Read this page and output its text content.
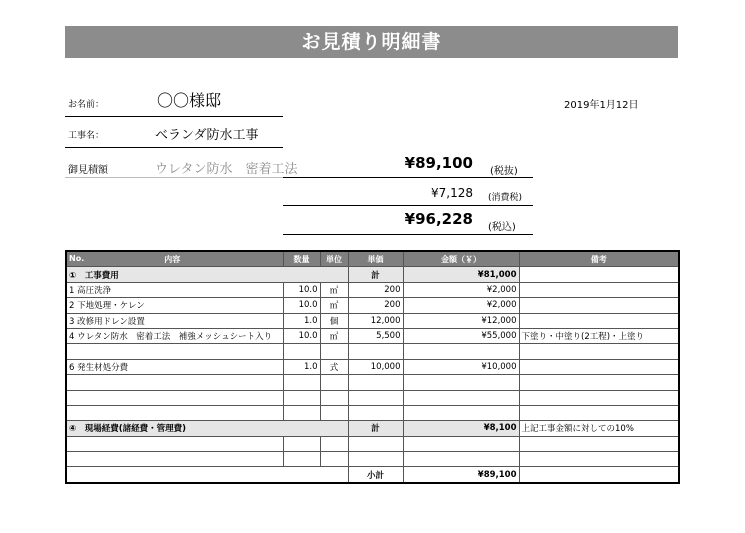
お見積り明細書
お名前：	〇〇様邸	2019年1月12日
工事名：	ベランダ防水工事
御見積額	ウレタン防水　密着工法	¥89,100 (税抜)
¥7,128 (消費税)
¥96,228 (税込)
No. 内容	数量	単位	単価	金額（￥）	備考
①　工事費用			計	¥81,000	
1 高圧洗浄	10.0	㎡	200	¥2,000	
2 下地処理・ケレン	10.0	㎡	200	¥2,000	
3 改修用ドレン設置	1.0	個	12,000	¥12,000	
4 ウレタン防水　密着工法　補強メッシュシート入り	10.0	㎡	5,500	¥55,000	下塗り・中塗り(2工程)・上塗り

6 発生材処分費	1.0	式	10,000	¥10,000	

④　現場経費(諸経費・管理費)			計	¥8,100	上記工事金額に対しての10%

			小計	¥89,100	
